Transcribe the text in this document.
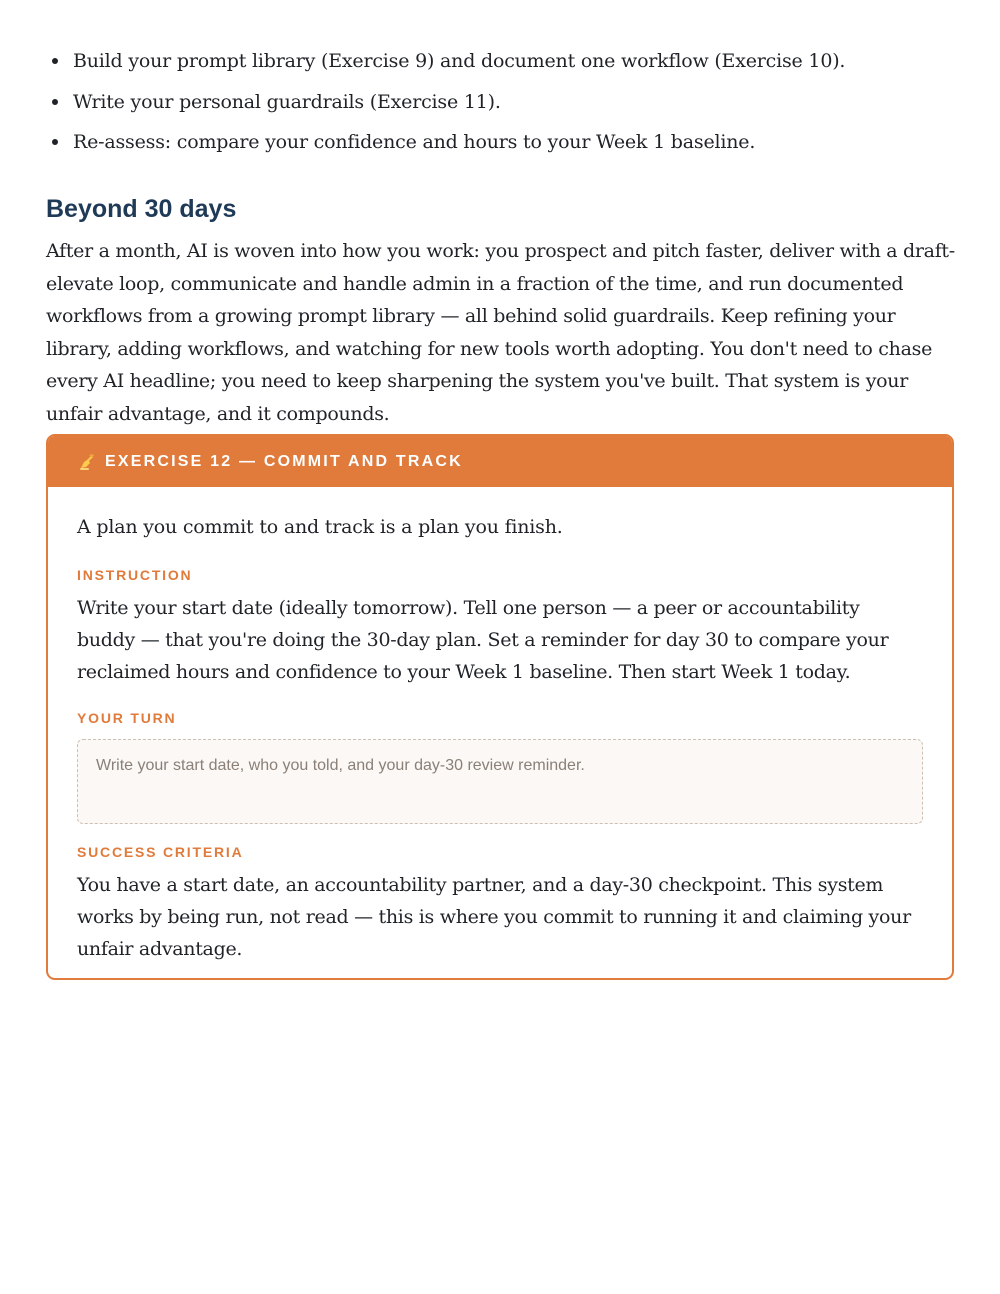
Build your prompt library (Exercise 9) and document one workflow (Exercise 10).
Write your personal guardrails (Exercise 11).
Re-assess: compare your confidence and hours to your Week 1 baseline.
Beyond 30 days

After a month, AI is woven into how you work: you prospect and pitch faster, deliver with a draft-elevate loop, communicate and handle admin in a fraction of the time, and run documented workflows from a growing prompt library — all behind solid guardrails. Keep refining your library, adding workflows, and watching for new tools worth adopting. You don't need to chase every AI headline; you need to keep sharpening the system you've built. That system is your unfair advantage, and it compounds.

EXERCISE 12 — COMMIT AND TRACK

A plan you commit to and track is a plan you finish.

INSTRUCTION

Write your start date (ideally tomorrow). Tell one person — a peer or accountability buddy — that you're doing the 30-day plan. Set a reminder for day 30 to compare your reclaimed hours and confidence to your Week 1 baseline. Then start Week 1 today.

YOUR TURN

Write your start date, who you told, and your day-30 review reminder.

SUCCESS CRITERIA

You have a start date, an accountability partner, and a day-30 checkpoint. This system works by being run, not read — this is where you commit to running it and claiming your unfair advantage.
